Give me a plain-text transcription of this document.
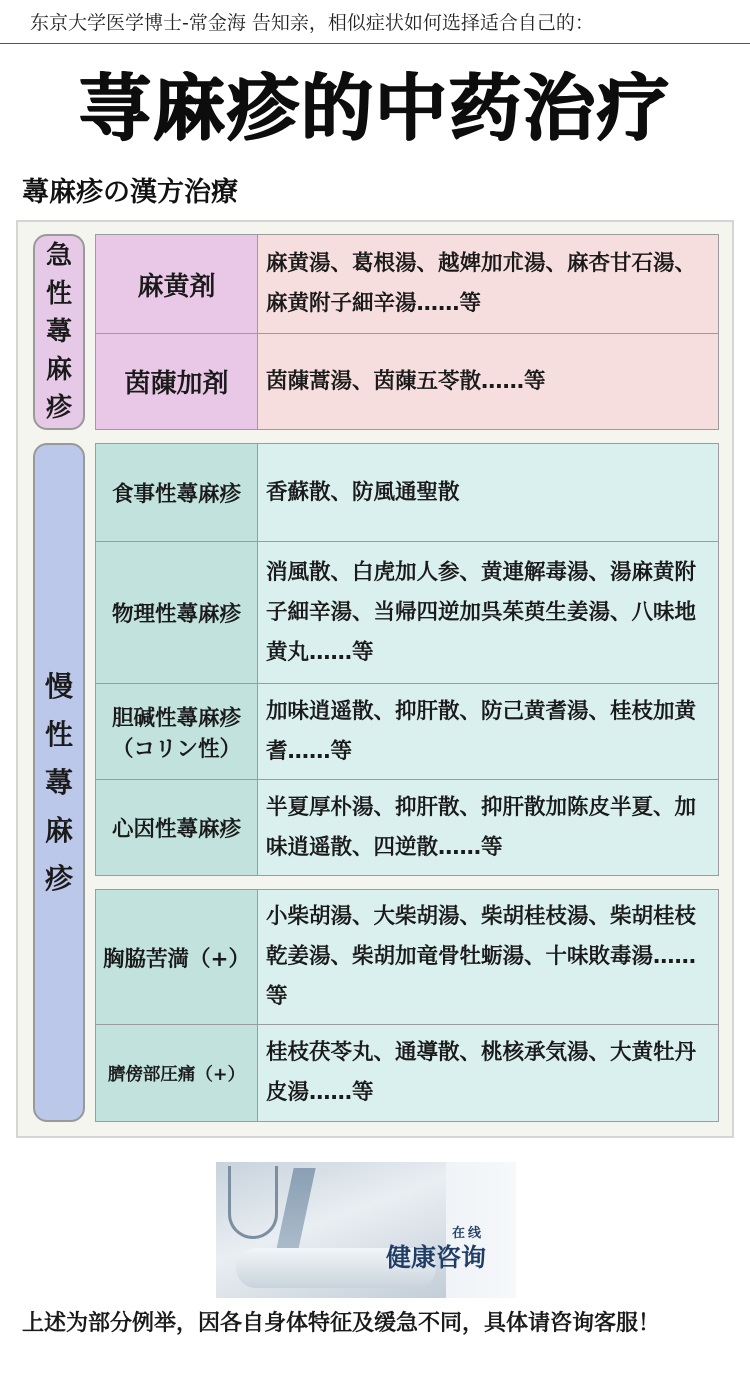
东京大学医学博士-常金海 告知亲，相似症状如何选择适合自己的：
荨麻疹的中药治疗
蕁麻疹の漢方治療
急性蕁麻疹
麻黄剤
麻黄湯、葛根湯、越婢加朮湯、麻杏甘石湯、麻黄附子細辛湯……等
茵蔯加剤	茵蔯蒿湯、茵蔯五苓散……等
慢性蕁麻疹
食事性蕁麻疹	香蘇散、防風通聖散
物理性蕁麻疹
消風散、白虎加人参、黄連解毒湯、湯麻黄附子細辛湯、当帰四逆加呉茱萸生姜湯、八味地黄丸……等
胆碱性蕁麻疹（コリン性）
加味逍遥散、抑肝散、防己黄耆湯、桂枝加黄耆……等
心因性蕁麻疹
半夏厚朴湯、抑肝散、抑肝散加陈皮半夏、加味逍遥散、四逆散……等
胸脇苦満（+）
小柴胡湯、大柴胡湯、柴胡桂枝湯、柴胡桂枝乾姜湯、柴胡加竜骨牡蛎湯、十味敗毒湯……等
臍傍部圧痛（+）
桂枝茯苓丸、通導散、桃核承気湯、大黄牡丹皮湯……等
在线
健康咨询
上述为部分例举，因各自身体特征及缓急不同，具体请咨询客服！
